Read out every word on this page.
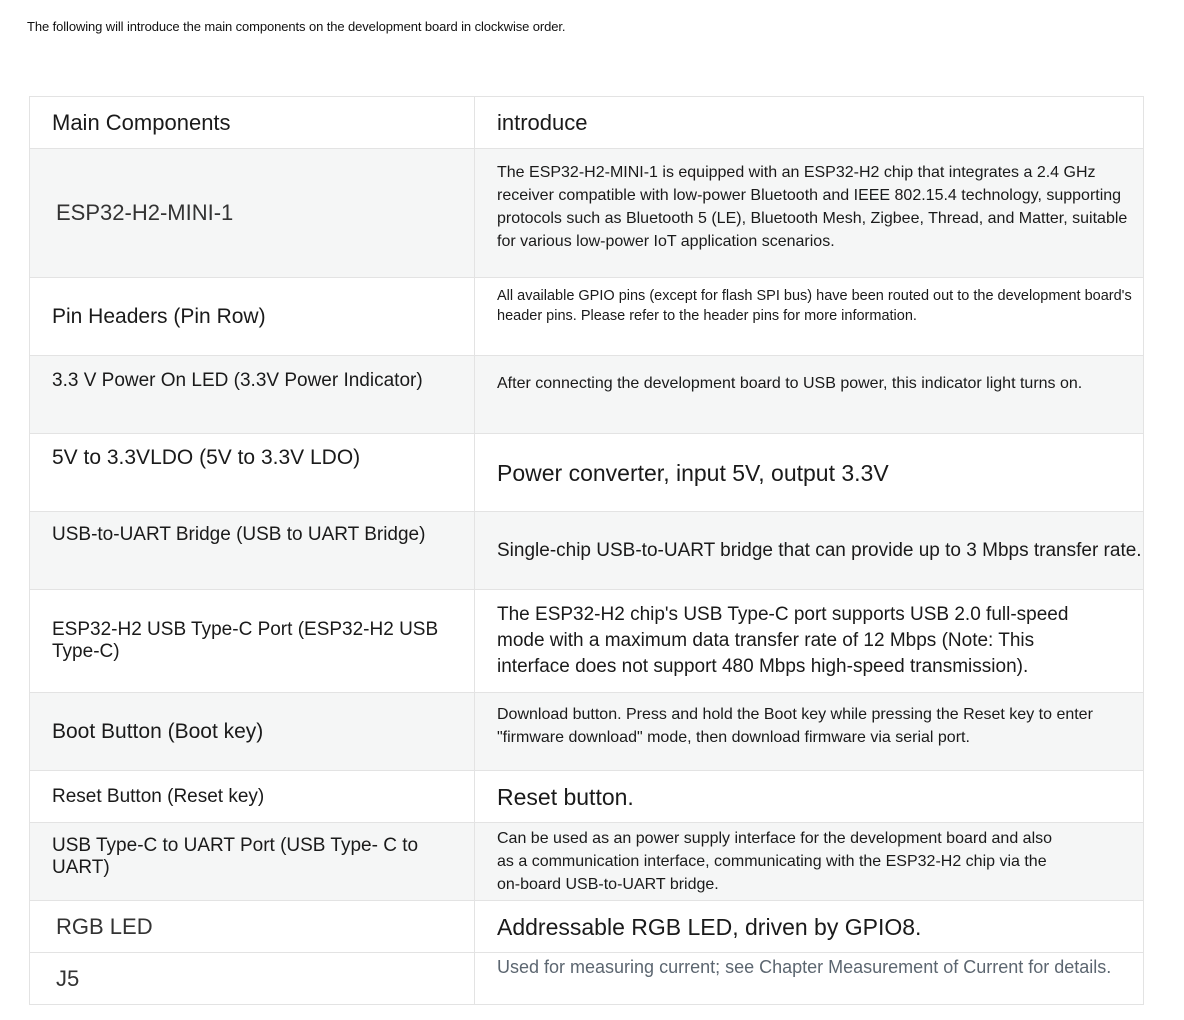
The following will introduce the main components on the development board in clockwise order.
Main Components	introduce
ESP32-H2-MINI-1	The ESP32-H2-MINI-1 is equipped with an ESP32-H2 chip that integrates a 2.4 GHz receiver compatible with low-power Bluetooth and IEEE 802.15.4 technology, supporting protocols such as Bluetooth 5 (LE), Bluetooth Mesh, Zigbee, Thread, and Matter, suitable for various low-power IoT application scenarios.
Pin Headers (Pin Row)	All available GPIO pins (except for flash SPI bus) have been routed out to the development board's header pins. Please refer to the header pins for more information.
3.3 V Power On LED (3.3V Power Indicator)	After connecting the development board to USB power, this indicator light turns on.
5V to 3.3VLDO (5V to 3.3V LDO)	Power converter, input 5V, output 3.3V
USB-to-UART Bridge (USB to UART Bridge)	Single-chip USB-to-UART bridge that can provide up to 3 Mbps transfer rate.
ESP32-H2 USB Type-C Port (ESP32-H2 USB Type-C)	The ESP32-H2 chip's USB Type-C port supports USB 2.0 full-speed mode with a maximum data transfer rate of 12 Mbps (Note: This interface does not support 480 Mbps high-speed transmission).
Boot Button (Boot key)	Download button. Press and hold the Boot key while pressing the Reset key to enter "firmware download" mode, then download firmware via serial port.
Reset Button (Reset key)	Reset button.
USB Type-C to UART Port (USB Type- C to UART)	Can be used as an power supply interface for the development board and also as a communication interface, communicating with the ESP32-H2 chip via the on-board USB-to-UART bridge.
RGB LED	Addressable RGB LED, driven by GPIO8.
J5	Used for measuring current; see Chapter Measurement of Current for details.
